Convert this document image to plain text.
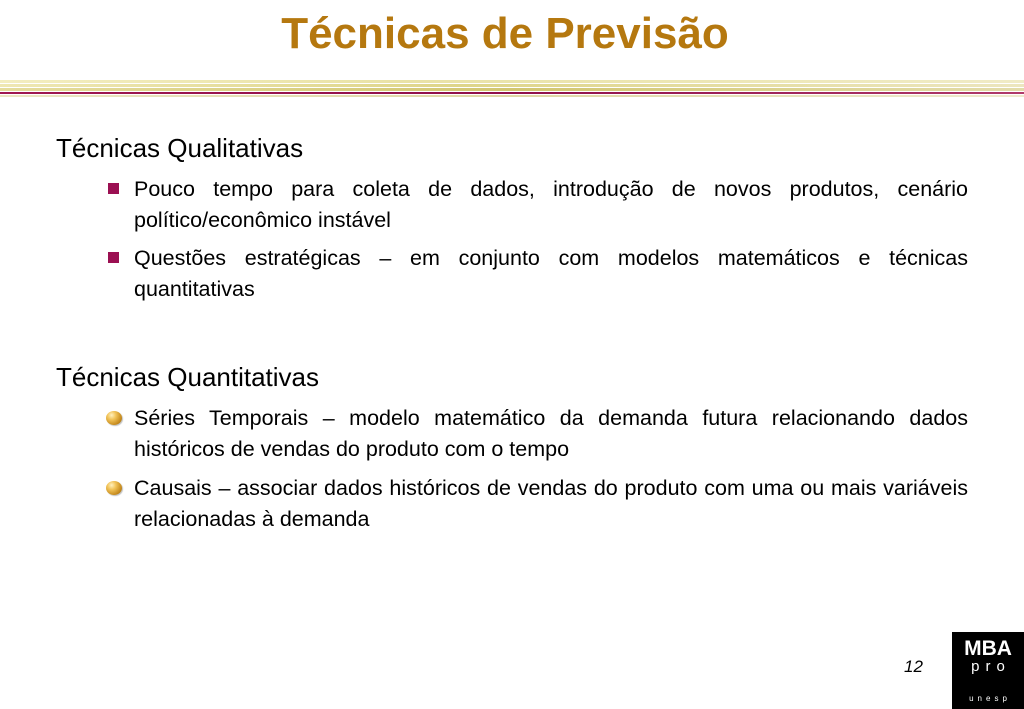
Técnicas de Previsão
Técnicas Qualitativas
Pouco tempo para coleta de dados, introdução de novos produtos, cenário político/econômico instável
Questões estratégicas – em conjunto com modelos matemáticos e técnicas quantitativas
Técnicas Quantitativas
Séries Temporais – modelo matemático da demanda futura relacionando dados históricos de vendas do produto com o tempo
Causais – associar dados históricos de vendas do produto com uma ou mais variáveis relacionadas à demanda
12
MBA
pro
unesp
